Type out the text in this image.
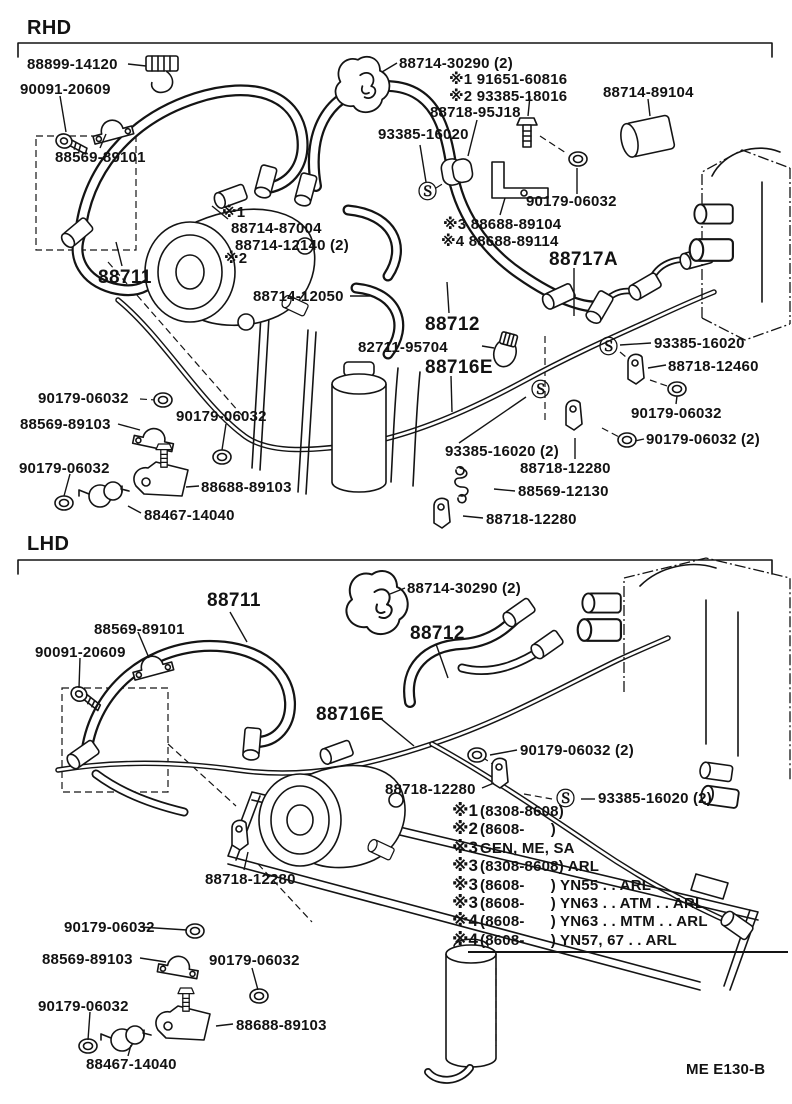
RHD
88899-14120
90091-20609
88569-89101
88714-30290 (2)
※1 91651-60816
※2 93385-18016
88718-95J18
93385-16020
88714-89104
90179-06032
※3 88688-89104
※4 88688-89114
88717A
※1
88714-87004
88714-12140 (2)
※2
88711
88714-12050
88712
82711-95704
88716E
Ⓢ
Ⓢ
Ⓢ
93385-16020
88718-12460
90179-06032
90179-06032 (2)
90179-06032
88569-89103	90179-06032
90179-06032
88688-89103
88467-14040
93385-16020 (2)
88718-12280
88569-12130
88718-12280
LHD
88711
88569-89101
90091-20609
88714-30290 (2)
88712
88716E
90179-06032 (2)
88718-12280	Ⓢ 93385-16020 (2)
88718-12280
90179-06032
88569-89103	90179-06032
90179-06032
88688-89103
88467-14040	ME E130-B
※1 (8308-8608)
※2 (8608-      )
※3 GEN, ME, SA
※3 (8308-8608) ARL
※3 (8608-      ) YN55 . . ARL
※3 (8608-      ) YN63 . . ATM . . ARL
※4 (8608-      ) YN63 . . MTM . . ARL
※4 (8608-      ) YN57, 67 . . ARL
